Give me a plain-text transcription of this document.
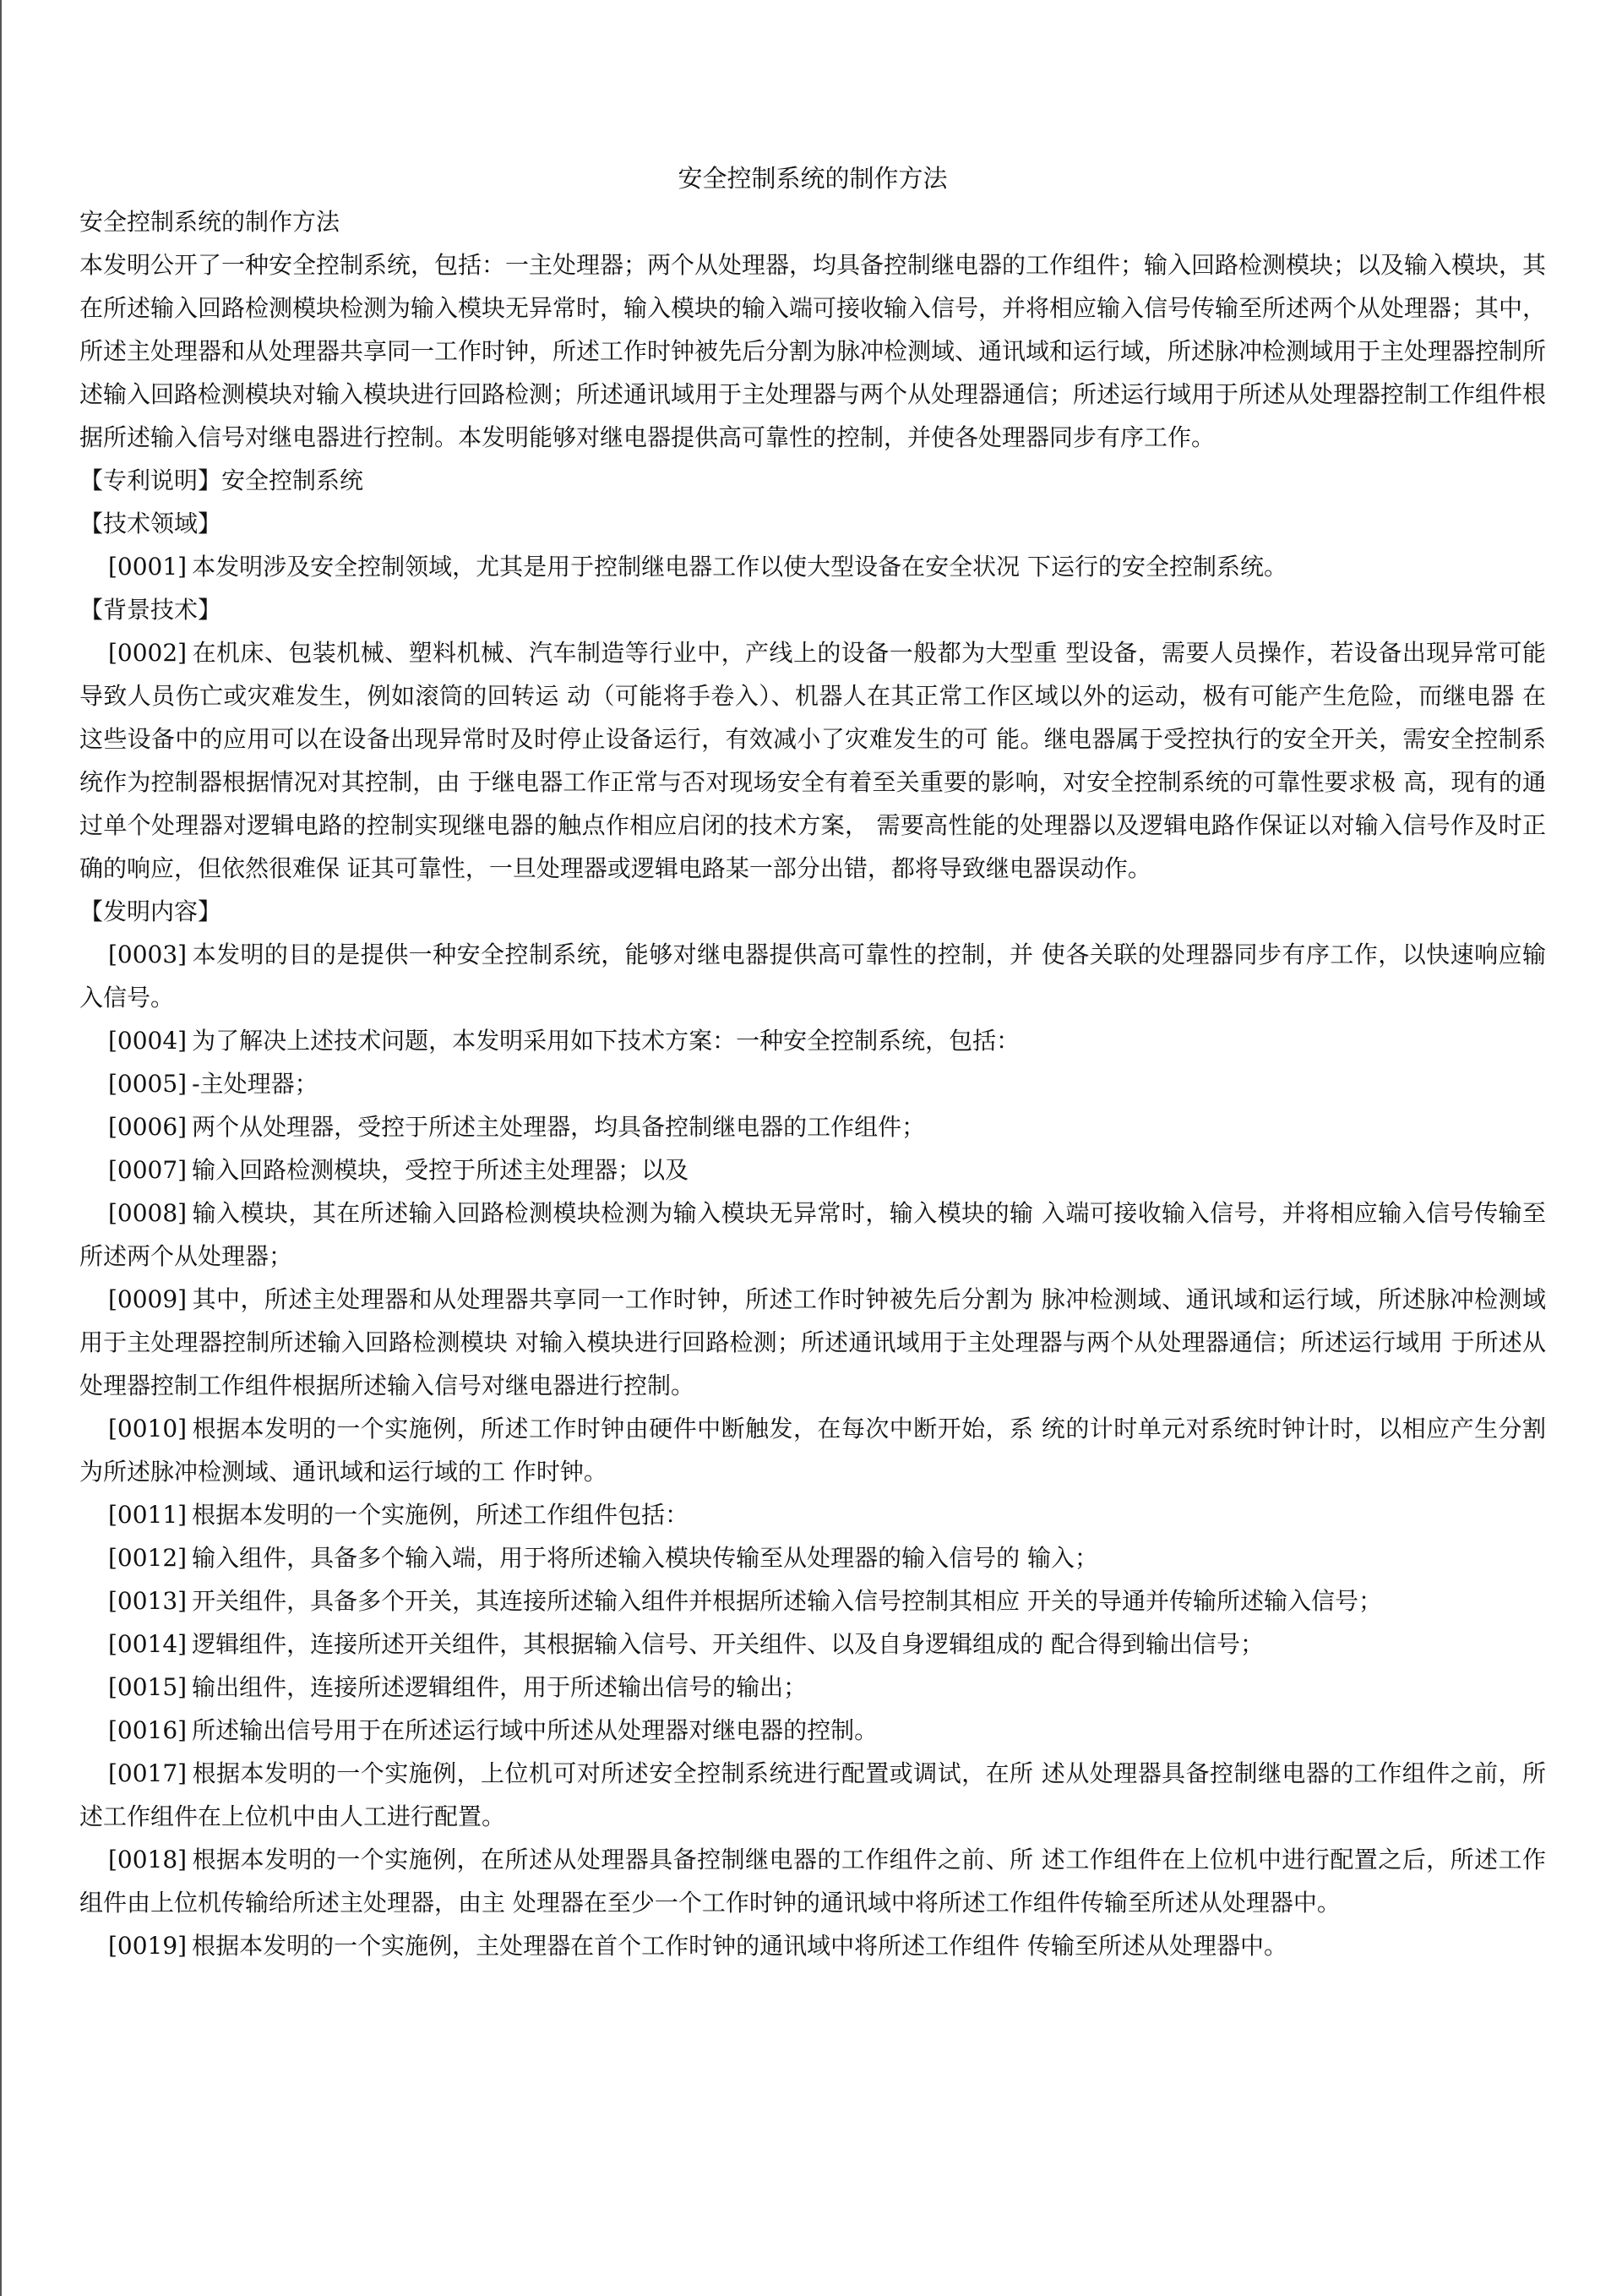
安全控制系统的制作方法

安全控制系统的制作方法

本发明公开了一种安全控制系统，包括：一主处理器；两个从处理器，均具备控制继电器的工作组件；输入回路检测模块；以及输入模块，其在所述输入回路检测模块检测为输入模块无异常时，输入模块的输入端可接收输入信号，并将相应输入信号传输至所述两个从处理器；其中，所述主处理器和从处理器共享同一工作时钟，所述工作时钟被先后分割为脉冲检测域、通讯域和运行域，所述脉冲检测域用于主处理器控制所述输入回路检测模块对输入模块进行回路检测；所述通讯域用于主处理器与两个从处理器通信；所述运行域用于所述从处理器控制工作组件根据所述输入信号对继电器进行控制。本发明能够对继电器提供高可靠性的控制，并使各处理器同步有序工作。

【专利说明】安全控制系统

【技术领域】

[0001] 本发明涉及安全控制领域，尤其是用于控制继电器工作以使大型设备在安全状况 下运行的安全控制系统。

【背景技术】

[0002] 在机床、包装机械、塑料机械、汽车制造等行业中，产线上的设备一般都为大型重 型设备，需要人员操作，若设备出现异常可能导致人员伤亡或灾难发生，例如滚筒的回转运 动（可能将手卷入）、机器人在其正常工作区域以外的运动，极有可能产生危险，而继电器 在这些设备中的应用可以在设备出现异常时及时停止设备运行，有效减小了灾难发生的可 能。继电器属于受控执行的安全开关，需安全控制系统作为控制器根据情况对其控制，由 于继电器工作正常与否对现场安全有着至关重要的影响，对安全控制系统的可靠性要求极 高，现有的通过单个处理器对逻辑电路的控制实现继电器的触点作相应启闭的技术方案， 需要高性能的处理器以及逻辑电路作保证以对输入信号作及时正确的响应，但依然很难保 证其可靠性，一旦处理器或逻辑电路某一部分出错，都将导致继电器误动作。

【发明内容】

[0003] 本发明的目的是提供一种安全控制系统，能够对继电器提供高可靠性的控制，并 使各关联的处理器同步有序工作，以快速响应输入信号。

[0004] 为了解决上述技术问题，本发明采用如下技术方案：一种安全控制系统，包括：

[0005] -主处理器；

[0006] 两个从处理器，受控于所述主处理器，均具备控制继电器的工作组件；

[0007] 输入回路检测模块，受控于所述主处理器；以及

[0008] 输入模块，其在所述输入回路检测模块检测为输入模块无异常时，输入模块的输 入端可接收输入信号，并将相应输入信号传输至所述两个从处理器；

[0009] 其中，所述主处理器和从处理器共享同一工作时钟，所述工作时钟被先后分割为 脉冲检测域、通讯域和运行域，所述脉冲检测域用于主处理器控制所述输入回路检测模块 对输入模块进行回路检测；所述通讯域用于主处理器与两个从处理器通信；所述运行域用 于所述从处理器控制工作组件根据所述输入信号对继电器进行控制。

[0010] 根据本发明的一个实施例，所述工作时钟由硬件中断触发，在每次中断开始，系 统的计时单元对系统时钟计时，以相应产生分割为所述脉冲检测域、通讯域和运行域的工 作时钟。

[0011] 根据本发明的一个实施例，所述工作组件包括：

[0012] 输入组件，具备多个输入端，用于将所述输入模块传输至从处理器的输入信号的 输入；

[0013] 开关组件，具备多个开关，其连接所述输入组件并根据所述输入信号控制其相应 开关的导通并传输所述输入信号；

[0014] 逻辑组件，连接所述开关组件，其根据输入信号、开关组件、以及自身逻辑组成的 配合得到输出信号；

[0015] 输出组件，连接所述逻辑组件，用于所述输出信号的输出；

[0016] 所述输出信号用于在所述运行域中所述从处理器对继电器的控制。

[0017] 根据本发明的一个实施例，上位机可对所述安全控制系统进行配置或调试，在所 述从处理器具备控制继电器的工作组件之前，所述工作组件在上位机中由人工进行配置。

[0018] 根据本发明的一个实施例，在所述从处理器具备控制继电器的工作组件之前、所 述工作组件在上位机中进行配置之后，所述工作组件由上位机传输给所述主处理器，由主 处理器在至少一个工作时钟的通讯域中将所述工作组件传输至所述从处理器中。

[0019] 根据本发明的一个实施例，主处理器在首个工作时钟的通讯域中将所述工作组件 传输至所述从处理器中。
